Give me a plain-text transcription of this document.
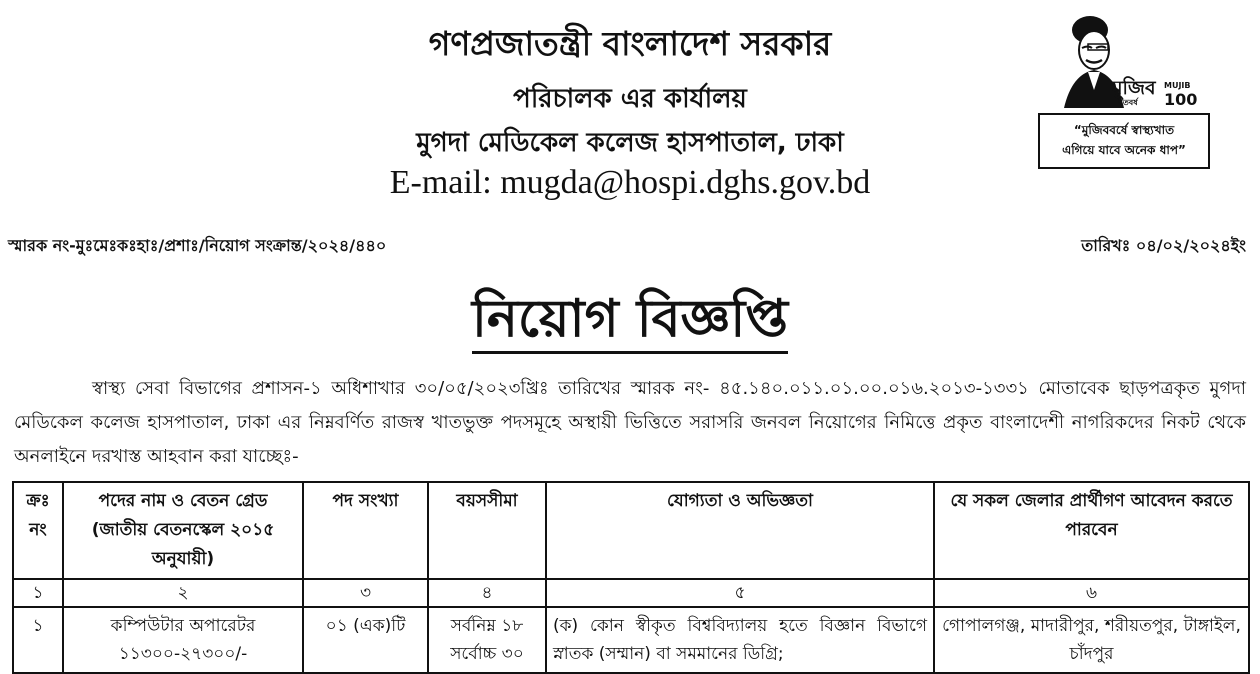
গণপ্রজাতন্ত্রী বাংলাদেশ সরকার
পরিচালক এর কার্যালয়
মুগদা মেডিকেল কলেজ হাসপাতাল, ঢাকা
E-mail: mugda@hospi.dghs.gov.bd
মুজিব
শতবর্ষ
MUJIB
100
“মুজিববর্ষে স্বাস্থ্যখাত
এগিয়ে যাবে অনেক ধাপ”
স্মারক নং-মুঃমেঃকঃহাঃ/প্রশাঃ/নিয়োগ সংক্রান্ত/২০২৪/৪৪০	তারিখঃ ০৪/০২/২০২৪ইং
নিয়োগ বিজ্ঞপ্তি
স্বাস্থ্য সেবা বিভাগের প্রশাসন-১ অধিশাখার ৩০/০৫/২০২৩খ্রিঃ তারিখের স্মারক নং- ৪৫.১৪০.০১১.০১.০০.০১৬.২০১৩-১৩৩১ মোতাবেক ছাড়পত্রকৃত মুগদা মেডিকেল কলেজ হাসপাতাল, ঢাকা এর নিম্নবর্ণিত রাজস্ব খাতভুক্ত পদসমূহে অস্থায়ী ভিত্তিতে সরাসরি জনবল নিয়োগের নিমিত্তে প্রকৃত বাংলাদেশী নাগরিকদের নিকট থেকে অনলাইনে দরখাস্ত আহবান করা যাচ্ছেঃ-
ক্রঃ নং	পদের নাম ও বেতন গ্রেড (জাতীয় বেতনস্কেল ২০১৫ অনুযায়ী)	পদ সংখ্যা	বয়সসীমা	যোগ্যতা ও অভিজ্ঞতা	যে সকল জেলার প্রার্থীগণ আবেদন করতে পারবেন
১	২	৩	৪	৫	৬
১	কম্পিউটার অপারেটর ১১৩০০-২৭৩০০/-	০১ (এক)টি	সর্বনিম্ন ১৮ সর্বোচ্চ ৩০	(ক) কোন স্বীকৃত বিশ্ববিদ্যালয় হতে বিজ্ঞান বিভাগে স্নাতক (সম্মান) বা সমমানের ডিগ্রি;	গোপালগঞ্জ, মাদারীপুর, শরীয়তপুর, টাঙ্গাইল, চাঁদপুর
